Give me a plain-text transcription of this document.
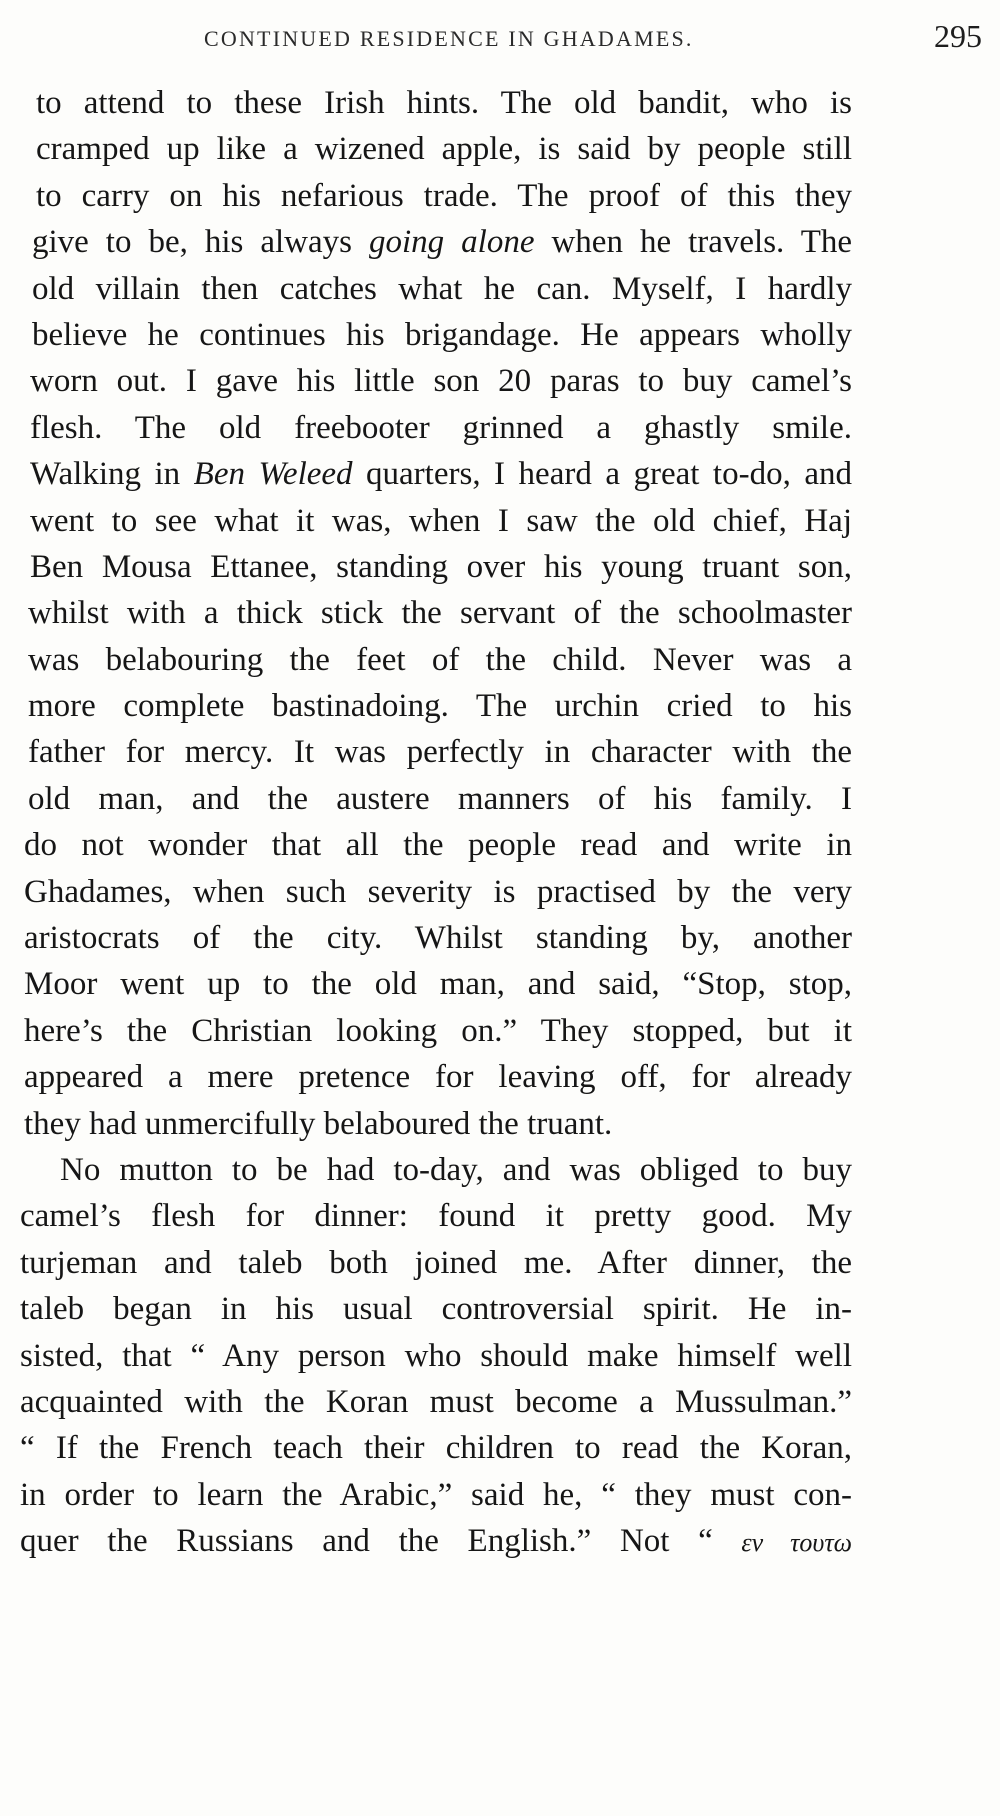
CONTINUED RESIDENCE IN GHADAMES.	295
to attend to these Irish hints. The old bandit, who is
cramped up like a wizened apple, is said by people still
to carry on his nefarious trade. The proof of this they
give to be, his always going alone when he travels. The
old villain then catches what he can. Myself, I hardly
believe he continues his brigandage. He appears wholly
worn out. I gave his little son 20 paras to buy camel’s
flesh. The old freebooter grinned a ghastly smile.
Walking in Ben Weleed quarters, I heard a great to-do, and
went to see what it was, when I saw the old chief, Haj
Ben Mousa Ettanee, standing over his young truant son,
whilst with a thick stick the servant of the schoolmaster
was belabouring the feet of the child. Never was a
more complete bastinadoing. The urchin cried to his
father for mercy. It was perfectly in character with the
old man, and the austere manners of his family. I
do not wonder that all the people read and write in
Ghadames, when such severity is practised by the very
aristocrats of the city. Whilst standing by, another
Moor went up to the old man, and said, “Stop, stop,
here’s the Christian looking on.” They stopped, but it
appeared a mere pretence for leaving off, for already
they had unmercifully belaboured the truant.
No mutton to be had to-day, and was obliged to buy
camel’s flesh for dinner: found it pretty good. My
turjeman and taleb both joined me. After dinner, the
taleb began in his usual controversial spirit. He in-
sisted, that “ Any person who should make himself well
acquainted with the Koran must become a Mussulman.”
“ If the French teach their children to read the Koran,
in order to learn the Arabic,” said he, “ they must con-
quer the Russians and the English.” Not “ εν τουτω
